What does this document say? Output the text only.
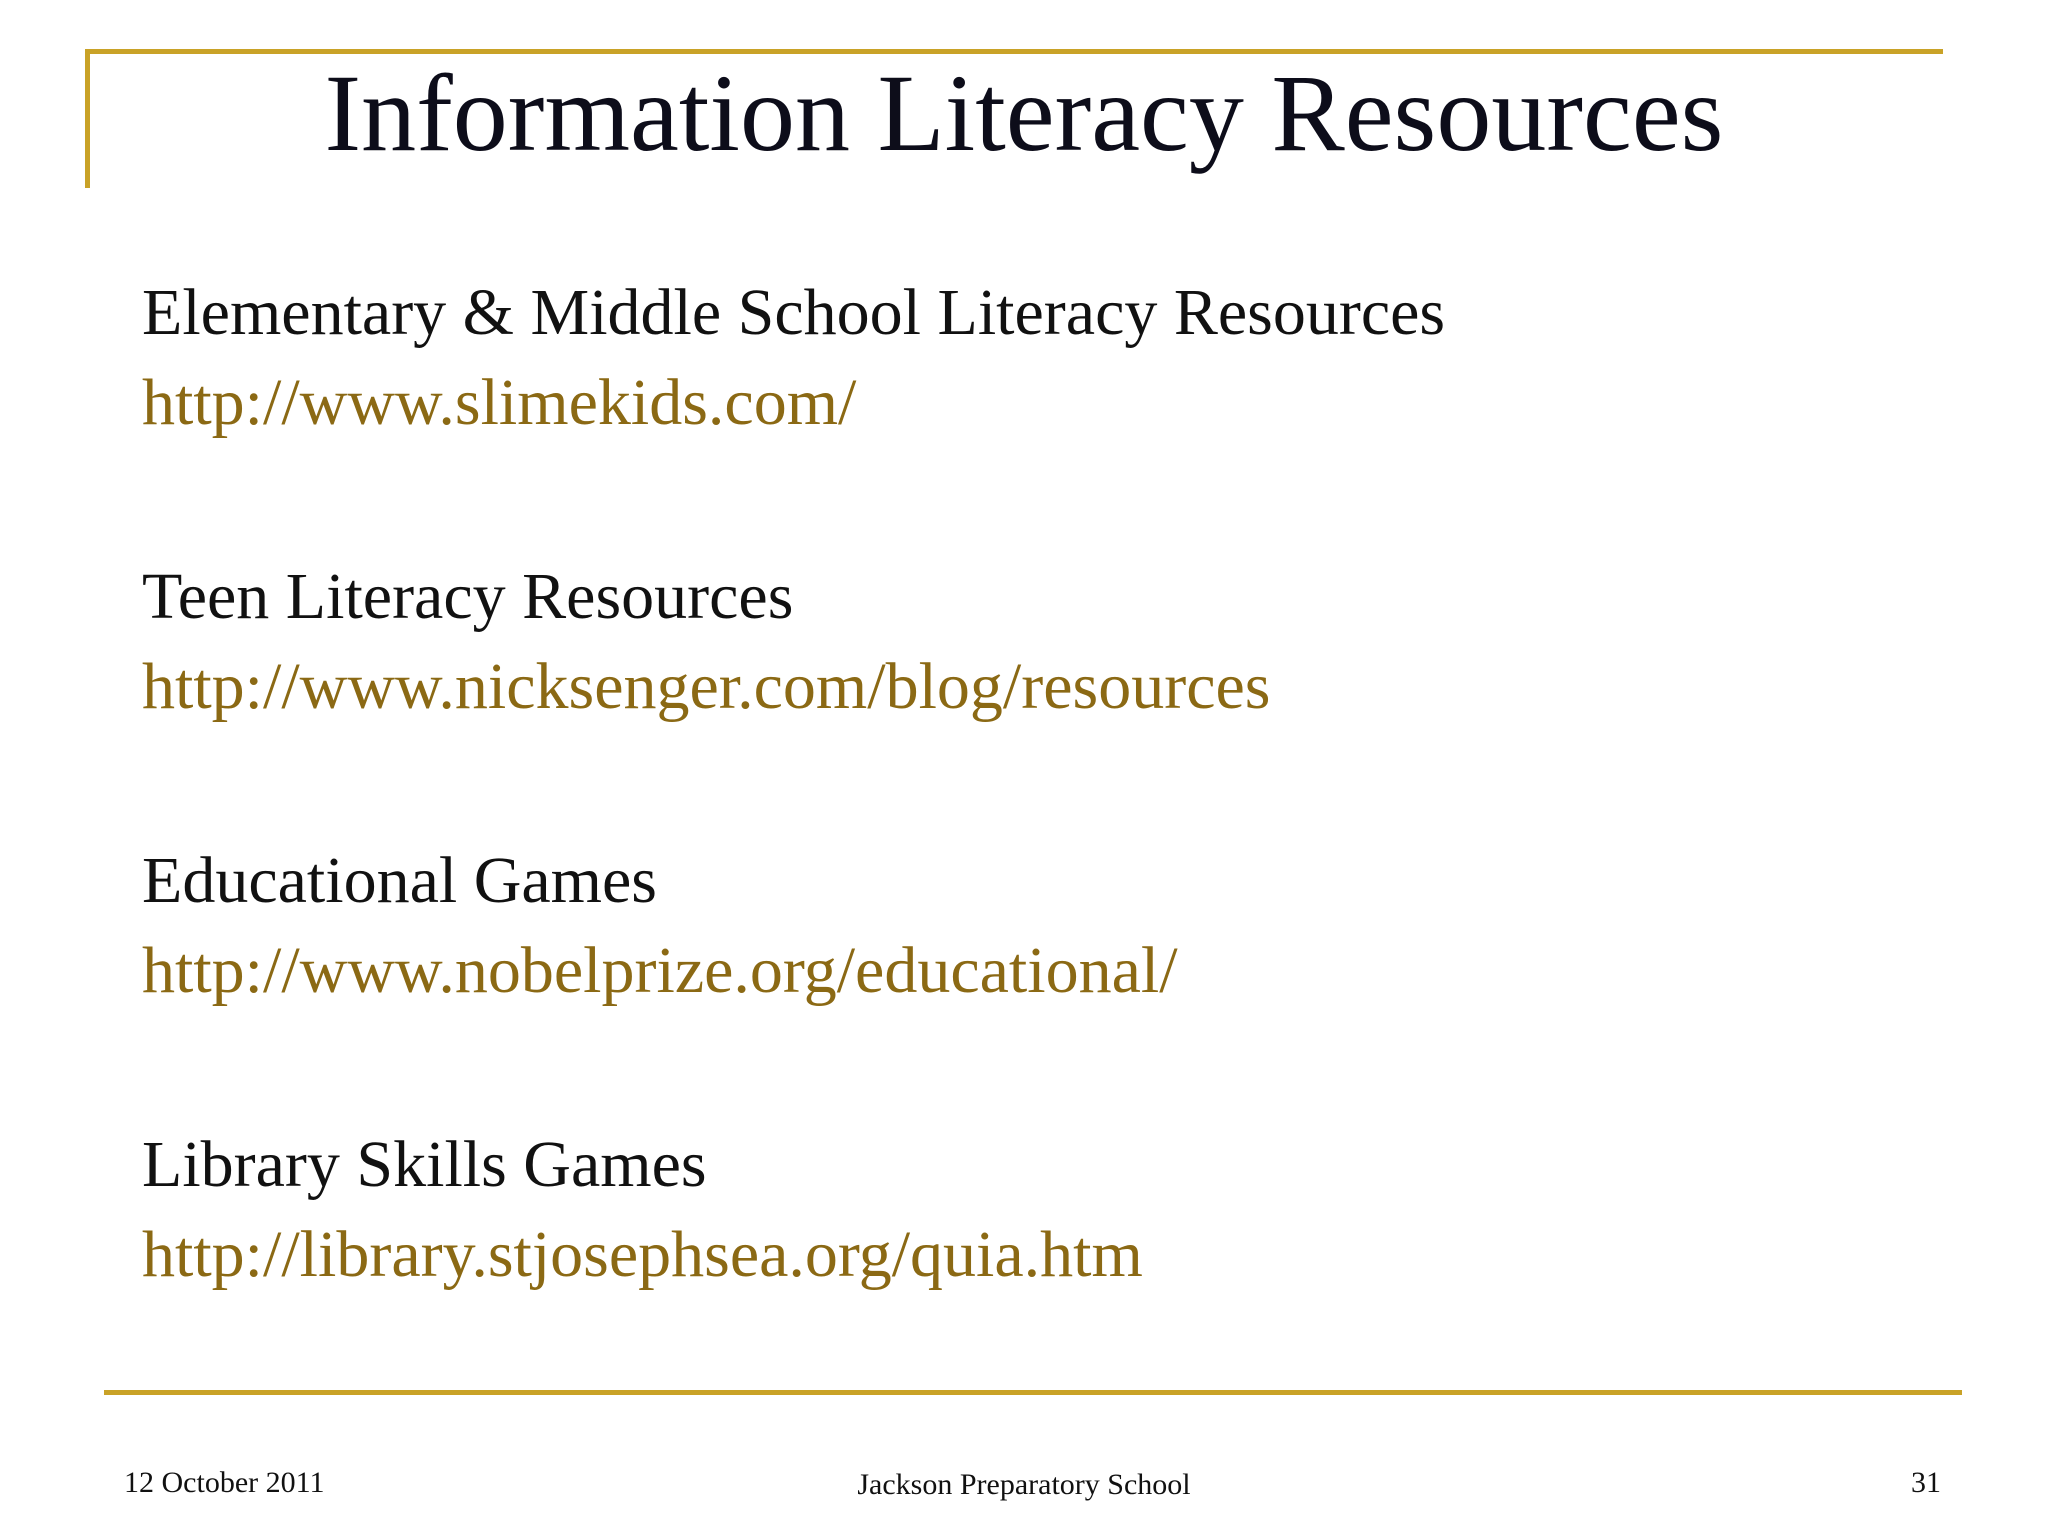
Information Literacy Resources
Elementary & Middle School Literacy Resources
http://www.slimekids.com/
Teen Literacy Resources
http://www.nicksenger.com/blog/resources
Educational Games
http://www.nobelprize.org/educational/
Library Skills Games
http://library.stjosephsea.org/quia.htm
12 October 2011	Jackson Preparatory School	31
